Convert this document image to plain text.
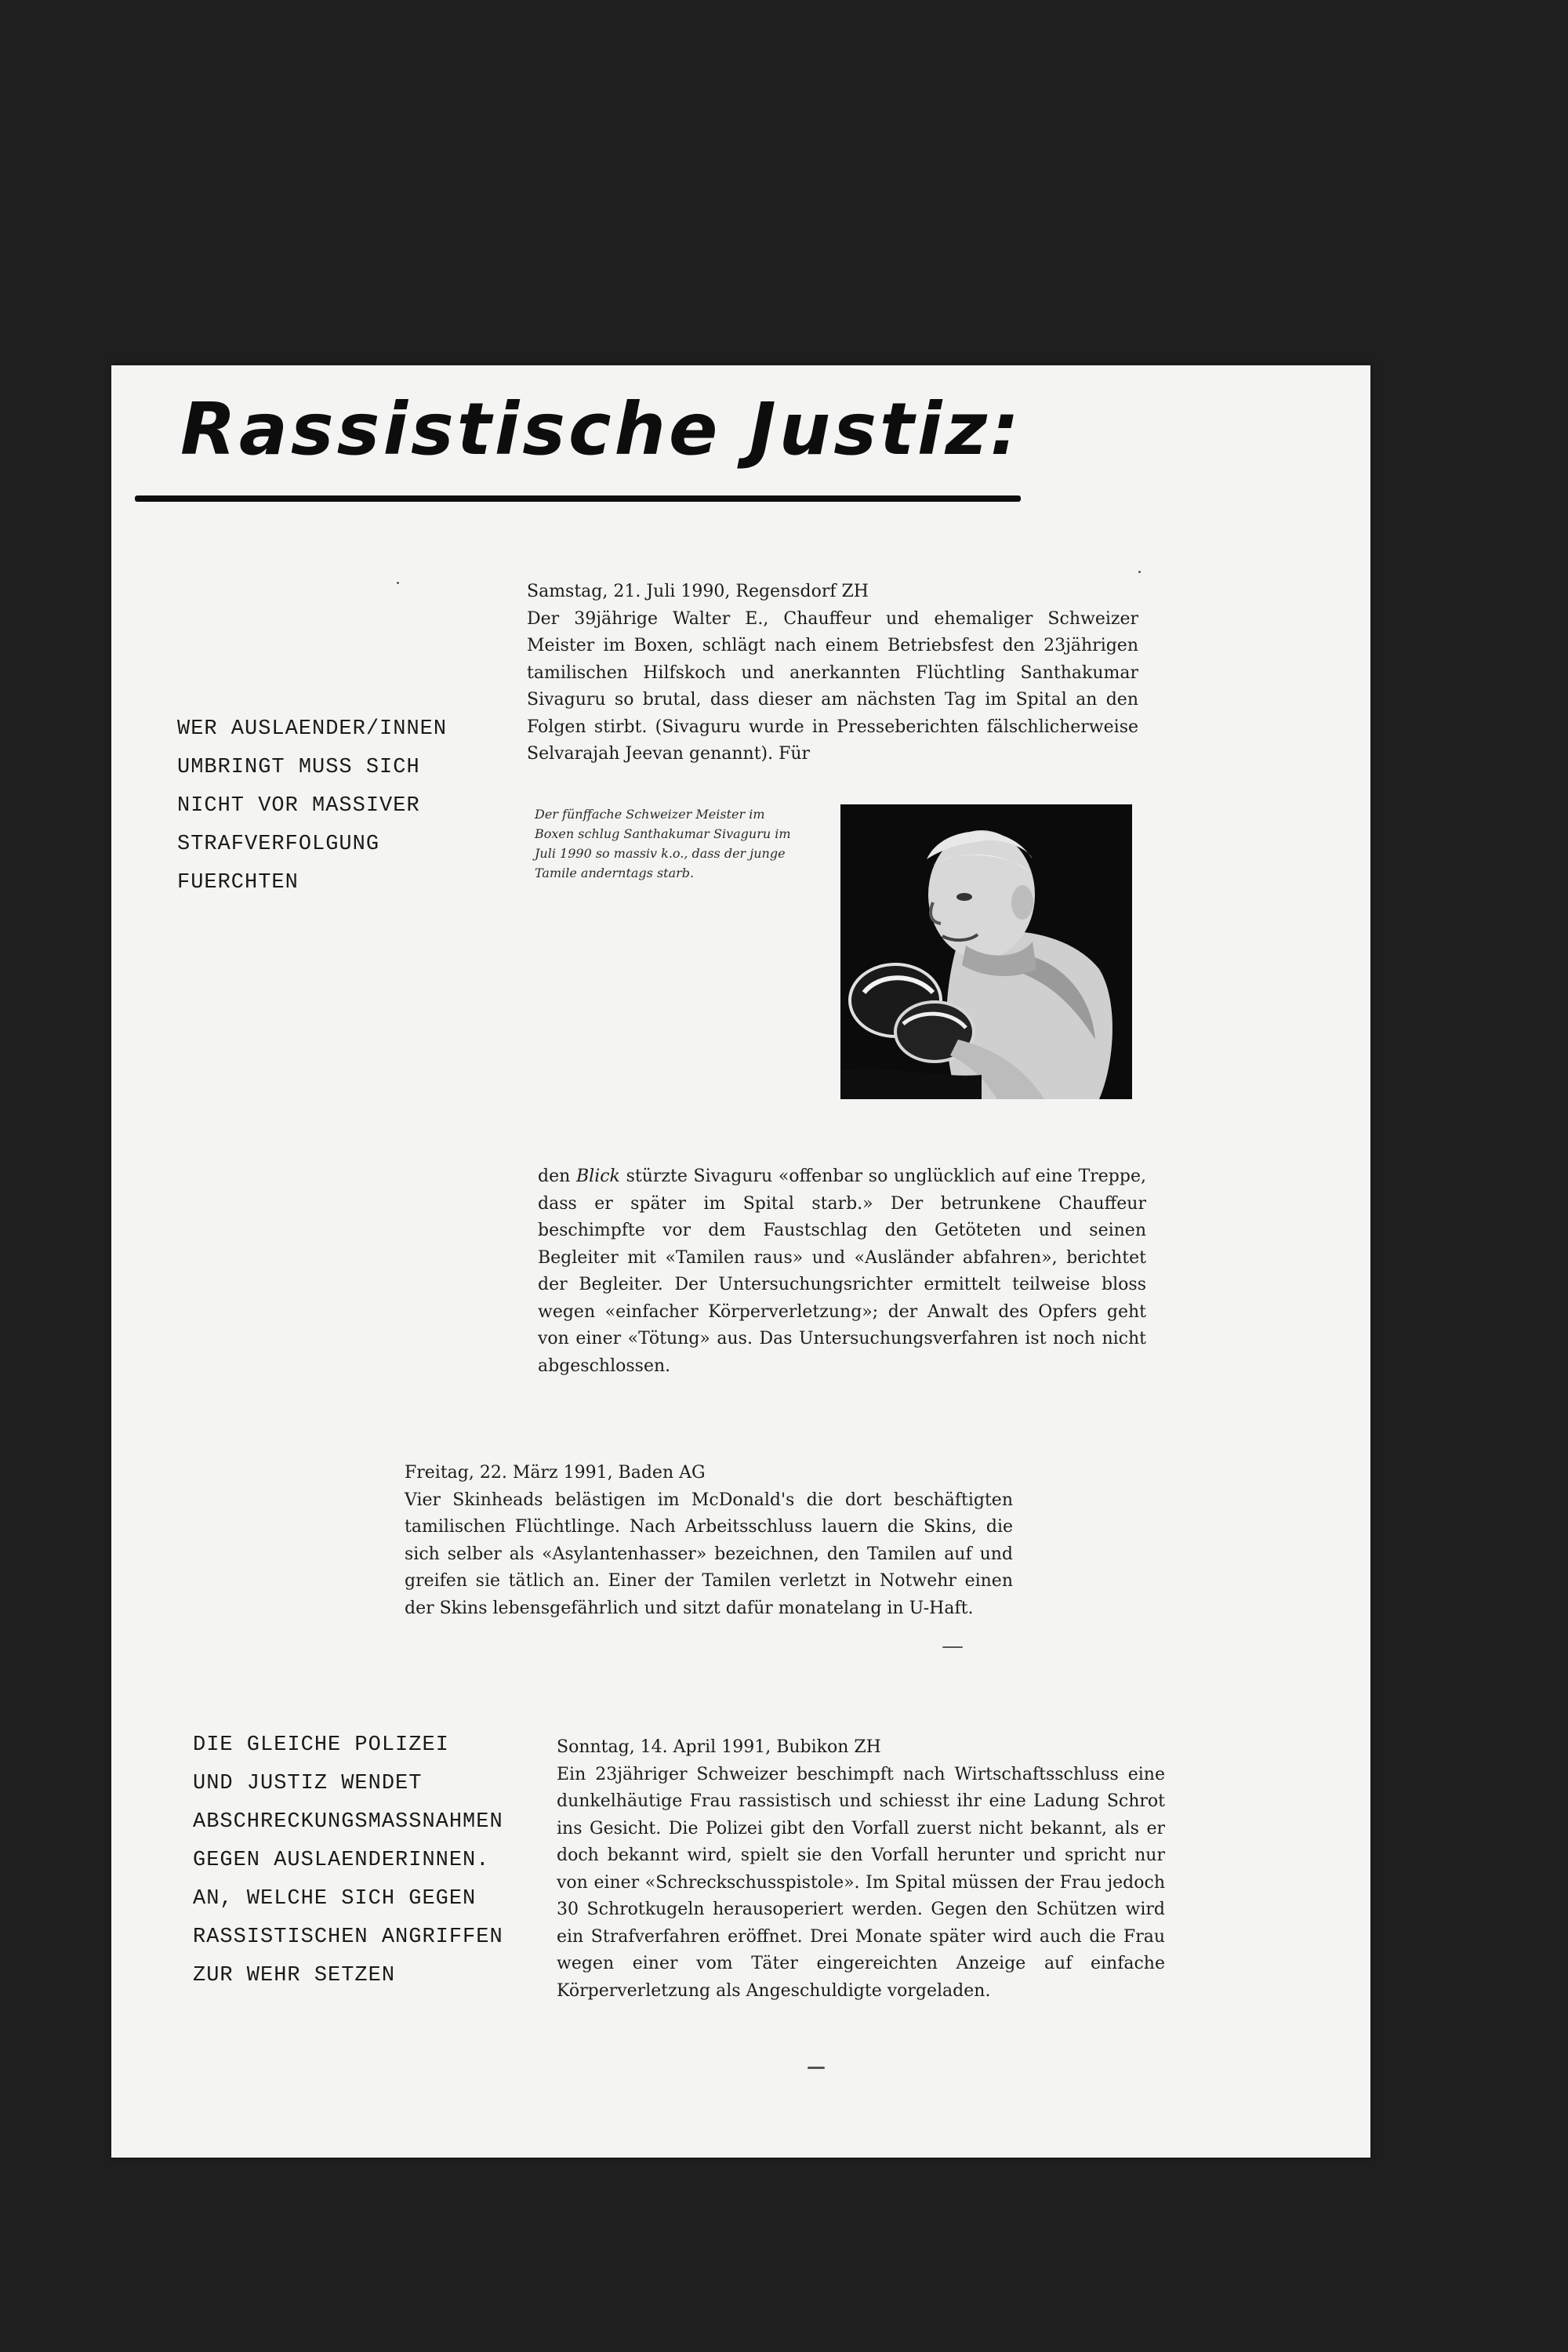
Rassistische Justiz:
WER AUSLAENDER/INNEN
UMBRINGT MUSS SICH
NICHT VOR MASSIVER
STRAFVERFOLGUNG
FUERCHTEN
Samstag, 21. Juli 1990, Regensdorf ZH
Der 39jährige Walter E., Chauffeur und ehemaliger Schweizer Meister im Boxen, schlägt nach einem Betriebsfest den 23jährigen tamilischen Hilfskoch und anerkannten Flüchtling Santhakumar Sivaguru so brutal, dass dieser am nächsten Tag im Spital an den Folgen stirbt. (Sivaguru wurde in Presseberichten fälschlicherweise Selvarajah Jeevan genannt). Für
Der fünffache Schweizer Meister im Boxen schlug Santhakumar Sivaguru im Juli 1990 so massiv k.o., dass der junge Tamile anderntags starb.
den Blick stürzte Sivaguru «offenbar so unglücklich auf eine Treppe, dass er später im Spital starb.» Der betrunkene Chauffeur beschimpfte vor dem Faustschlag den Getöteten und seinen Begleiter mit «Tamilen raus» und «Ausländer abfahren», berichtet der Begleiter. Der Untersuchungsrichter ermittelt teilweise bloss wegen «einfacher Körperverletzung»; der Anwalt des Opfers geht von einer «Tötung» aus. Das Untersuchungsverfahren ist noch nicht abgeschlossen.
Freitag, 22. März 1991, Baden AG
Vier Skinheads belästigen im McDonald's die dort beschäftigten tamilischen Flüchtlinge. Nach Arbeitsschluss lauern die Skins, die sich selber als «Asylantenhasser» bezeichnen, den Tamilen auf und greifen sie tätlich an. Einer der Tamilen verletzt in Notwehr einen der Skins lebensgefährlich und sitzt dafür monatelang in U-Haft.
DIE GLEICHE POLIZEI
UND JUSTIZ WENDET
ABSCHRECKUNGSMASSNAHMEN
GEGEN AUSLAENDERINNEN.
AN, WELCHE SICH GEGEN
RASSISTISCHEN ANGRIFFEN
ZUR WEHR SETZEN
Sonntag, 14. April 1991, Bubikon ZH
Ein 23jähriger Schweizer beschimpft nach Wirtschaftsschluss eine dunkelhäutige Frau rassistisch und schiesst ihr eine Ladung Schrot ins Gesicht. Die Polizei gibt den Vorfall zuerst nicht bekannt, als er doch bekannt wird, spielt sie den Vorfall herunter und spricht nur von einer «Schreckschusspistole». Im Spital müssen der Frau jedoch 30 Schrotkugeln herausoperiert werden. Gegen den Schützen wird ein Strafverfahren eröffnet. Drei Monate später wird auch die Frau wegen einer vom Täter eingereichten Anzeige auf einfache Körperverletzung als Angeschuldigte vorgeladen.
